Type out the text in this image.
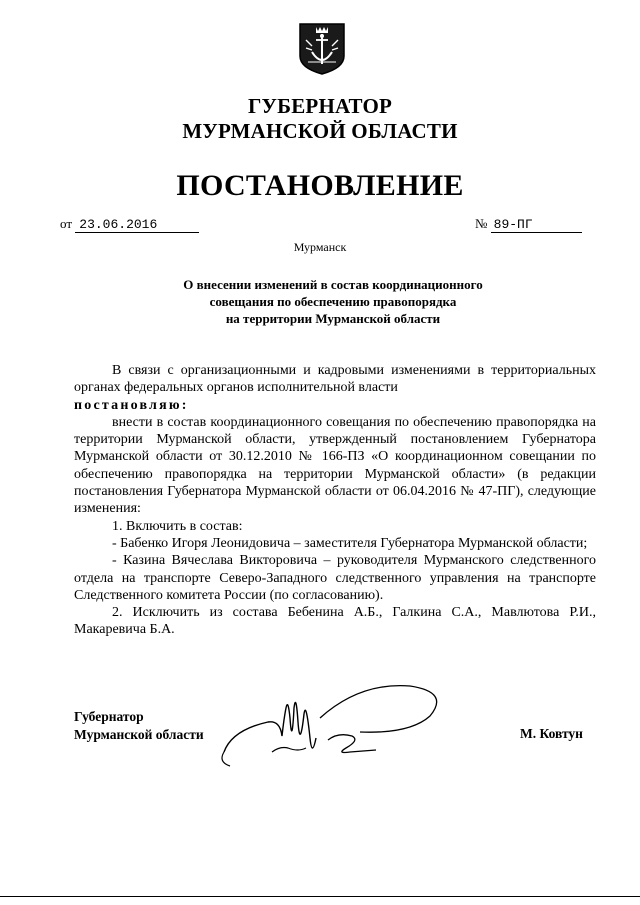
ГУБЕРНАТОР
МУРМАНСКОЙ ОБЛАСТИ
ПОСТАНОВЛЕНИЕ
от 23.06.2016	№ 89-ПГ
Мурманск
О внесении изменений в состав координационного
совещания по обеспечению правопорядка
на территории Мурманской области

В связи с организационными и кадровыми изменениями в территориальных органах федеральных органов исполнительной власти

постановляю:

внести в состав координационного совещания по обеспечению правопорядка на территории Мурманской области, утвержденный постановлением Губернатора Мурманской области от 30.12.2010 № 166-ПЗ «О координационном совещании по обеспечению правопорядка на территории Мурманской области» (в редакции постановления Губернатора Мурманской области от 06.04.2016 № 47-ПГ), следующие изменения:

1. Включить в состав:

- Бабенко Игоря Леонидовича – заместителя Губернатора Мурманской области;

- Казина Вячеслава Викторовича – руководителя Мурманского следственного отдела на транспорте Северо-Западного следственного управления на транспорте Следственного комитета России (по согласованию).

2. Исключить из состава Бебенина А.Б., Галкина С.А., Мавлютова Р.И., Макаревича Б.А.

Губернатор
Мурманской области	М. Ковтун
